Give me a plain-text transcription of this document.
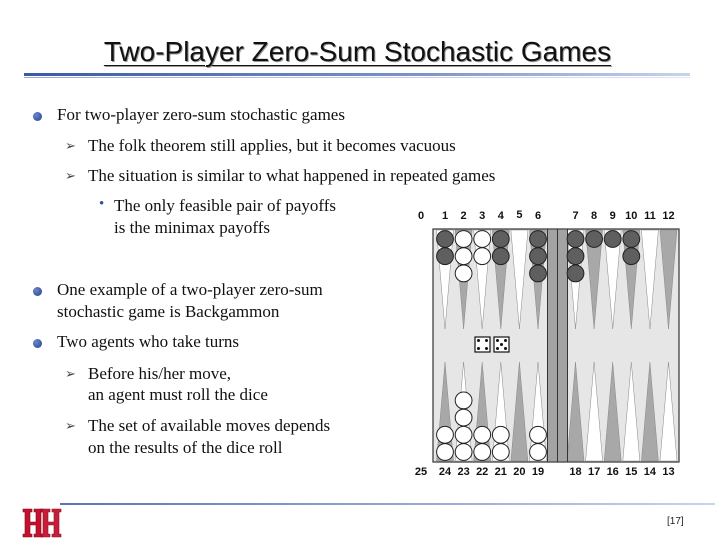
Two-Player Zero-Sum Stochastic Games
For two-player zero-sum stochastic games
➢ The folk theorem still applies, but it becomes vacuous
➢ The situation is similar to what happened in repeated games
• The only feasible pair of payoffs
is the minimax payoffs
One example of a two-player zero-sum
stochastic game is Backgammon
Two agents who take turns
➢ Before his/her move,
an agent must roll the dice
➢ The set of available moves depends
on the results of the dice roll
0 1 2 3 4 5 6	7 8 9 10 11 12
25 24 23 22 21 20 19 18 17 16 15 14 13
[17]
